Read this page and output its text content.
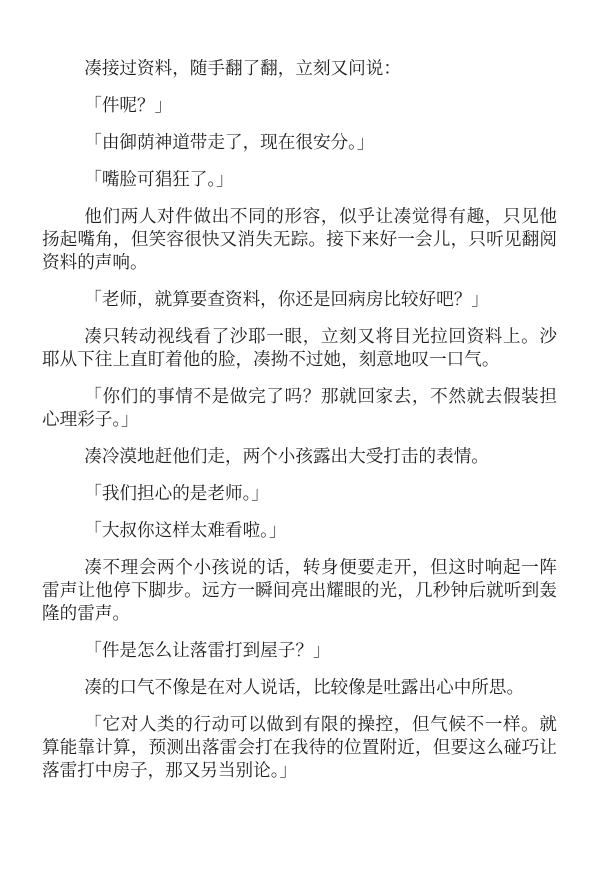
凑接过资料，随手翻了翻，立刻又问说：

「件呢？」

「由御荫神道带走了，现在很安分。」

「嘴脸可猖狂了。」

他们两人对件做出不同的形容，似乎让凑觉得有趣，只见他扬起嘴角，但笑容很快又消失无踪。接下来好一会儿，只听见翻阅资料的声响。

「老师，就算要查资料，你还是回病房比较好吧？」

凑只转动视线看了沙耶一眼，立刻又将目光拉回资料上。沙耶从下往上直盯着他的脸，凑拗不过她，刻意地叹一口气。

「你们的事情不是做完了吗？那就回家去，不然就去假装担心理彩子。」

凑冷漠地赶他们走，两个小孩露出大受打击的表情。

「我们担心的是老师。」

「大叔你这样太难看啦。」

凑不理会两个小孩说的话，转身便要走开，但这时响起一阵雷声让他停下脚步。远方一瞬间亮出耀眼的光，几秒钟后就听到轰隆的雷声。

「件是怎么让落雷打到屋子？」

凑的口气不像是在对人说话，比较像是吐露出心中所思。

「它对人类的行动可以做到有限的操控，但气候不一样。就算能靠计算，预测出落雷会打在我待的位置附近，但要这么碰巧让落雷打中房子，那又另当别论。」
